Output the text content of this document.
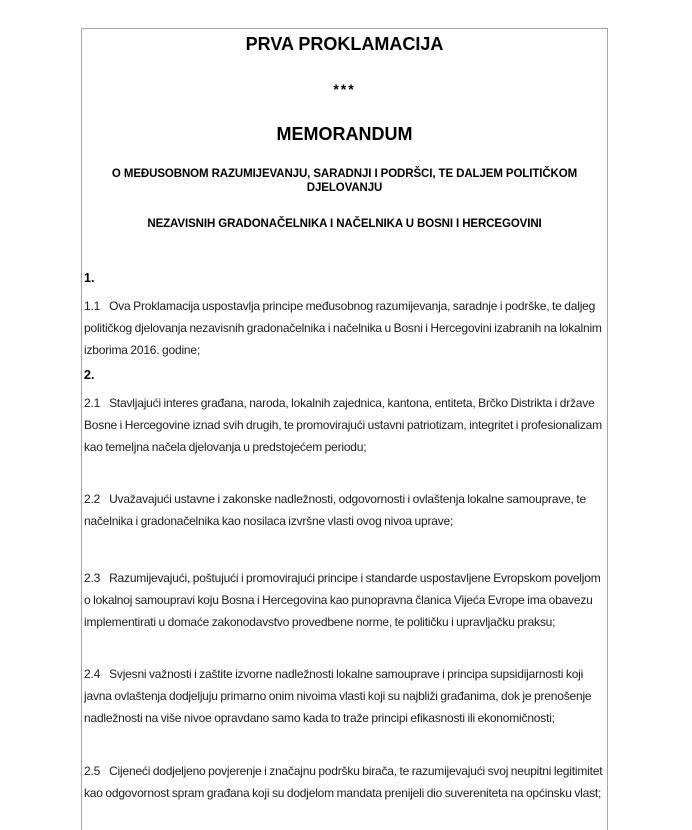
PRVA PROKLAMACIJA

***

MEMORANDUM

O MEĐUSOBNOM RAZUMIJEVANJU, SARADNJI I PODRŠCI, TE DALJEM POLITIČKOM DJELOVANJU

NEZAVISNIH GRADONAČELNIKA I NAČELNIKA U BOSNI I HERCEGOVINI

1.

1.1 Ova Proklamacija uspostavlja principe međusobnog razumijevanja, saradnje i podrške, te daljeg političkog djelovanja nezavisnih gradonačelnika i načelnika u Bosni i Hercegovini izabranih na lokalnim izborima 2016. godine;

2.

2.1 Stavljajući interes građana, naroda, lokalnih zajednica, kantona, entiteta, Brčko Distrikta i države Bosne i Hercegovine iznad svih drugih, te promovirajući ustavni patriotizam, integritet i profesionalizam kao temeljna načela djelovanja u predstojećem periodu;

2.2 Uvažavajući ustavne i zakonske nadležnosti, odgovornosti i ovlaštenja lokalne samouprave, te načelnika i gradonačelnika kao nosilaca izvršne vlasti ovog nivoa uprave;

2.3 Razumijevajući, poštujući i promovirajući principe i standarde uspostavljene Evropskom poveljom o lokalnoj samoupravi koju Bosna i Hercegovina kao punopravna članica Vijeća Evrope ima obavezu implementirati u domaće zakonodavstvo provedbene norme, te političku i upravljačku praksu;

2.4 Svjesni važnosti i zaštite izvorne nadležnosti lokalne samouprave i principa supsidijarnosti koji javna ovlaštenja dodjeljuju primarno onim nivoima vlasti koji su najbliži građanima, dok je prenošenje nadležnosti na više nivoe opravdano samo kada to traže principi efikasnosti ili ekonomičnosti;

2.5 Cijeneći dodjeljeno povjerenje i značajnu podršku birača, te razumijevajući svoj neupitni legitimitet kao odgovornost spram građana koji su dodjelom mandata prenijeli dio suvereniteta na općinsku vlast;
